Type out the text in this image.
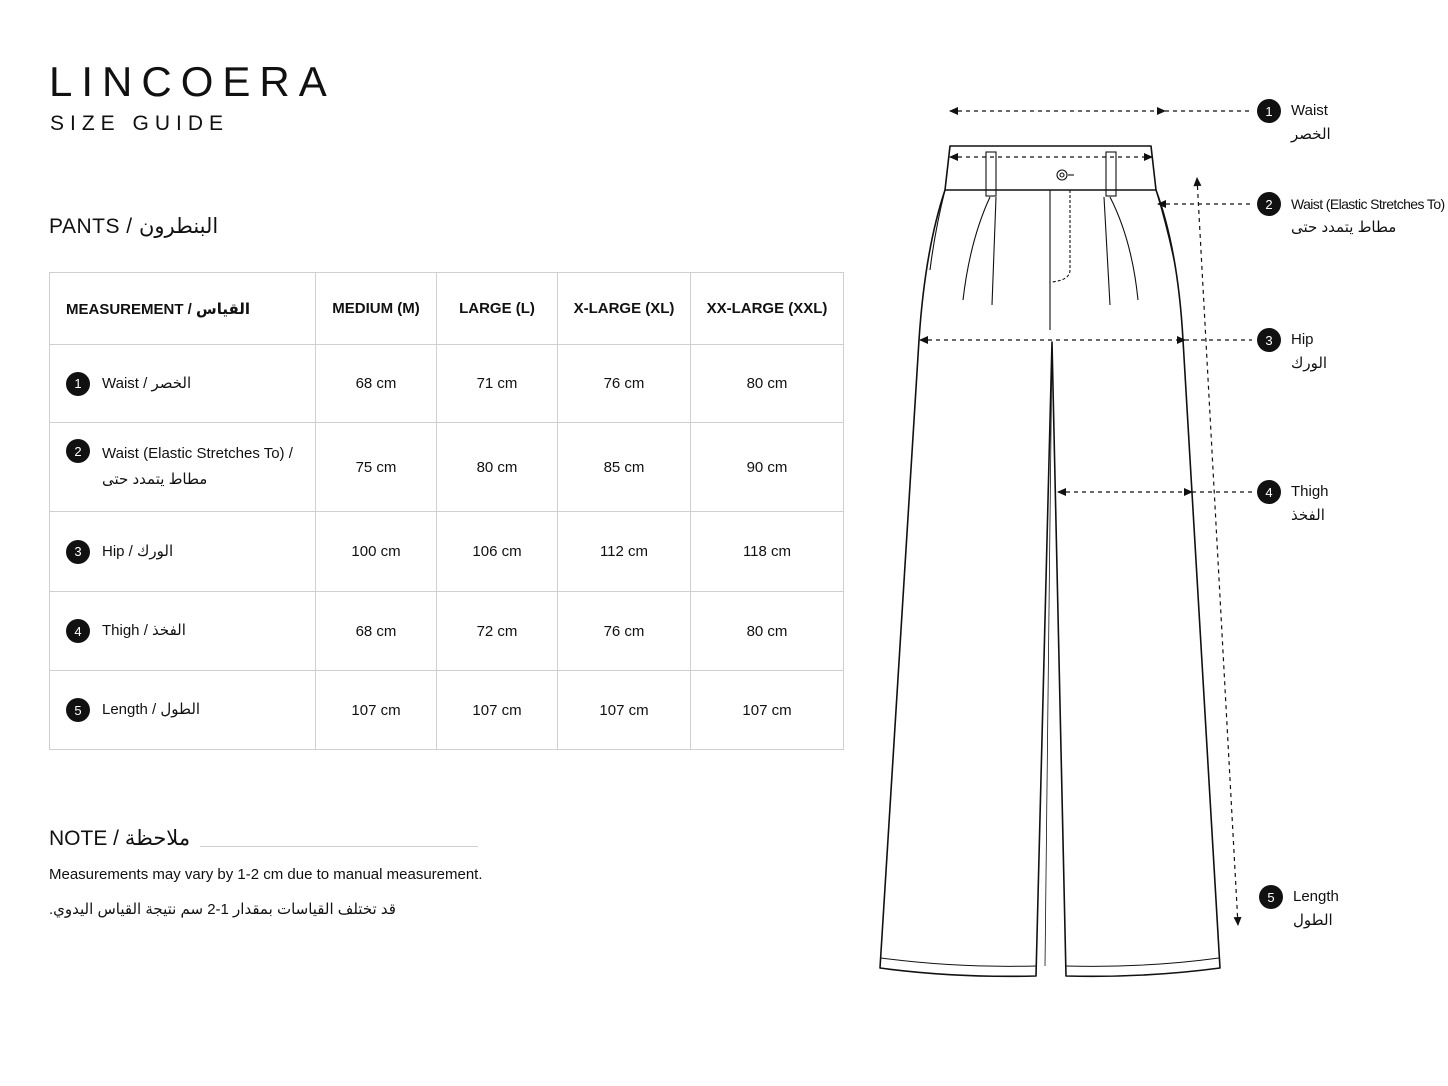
LINCOERA
SIZE GUIDE
PANTS / البنطرون
MEASUREMENT / القياس	MEDIUM (M)	LARGE (L)	X-LARGE (XL)	XX-LARGE (XXL)

1 Waist / الخصر	68 cm	71 cm	76 cm	80 cm

2 Waist (Elastic Stretches To) /
مطاط يتمدد حتى	75 cm	80 cm	85 cm	90 cm

3 Hip / الورك	100 cm	106 cm	112 cm	118 cm

4 Thigh / الفخذ	68 cm	72 cm	76 cm	80 cm

5 Length / الطول	107 cm	107 cm	107 cm	107 cm
NOTE / ملاحظة
Measurements may vary by 1-2 cm due to manual measurement.
قد تختلف القياسات بمقدار 1-2 سم نتيجة القياس اليدوي.
1	Waist
الخصر
2	Waist (Elastic Stretches To)
مطاط يتمدد حتى
3	Hip
الورك
4	Thigh
الفخذ
5	Length
الطول
